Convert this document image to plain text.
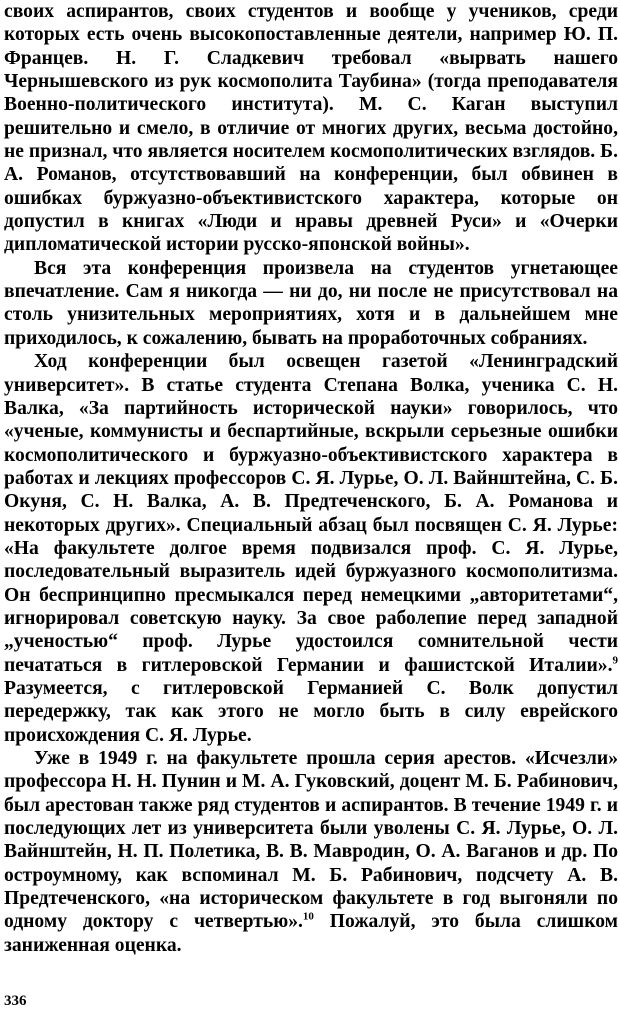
своих аспирантов, своих студентов и вообще у учеников, среди которых есть очень высокопоставленные деятели, например Ю. П. Францев. Н. Г. Сладкевич требовал «вырвать нашего Чернышевского из рук космополита Таубина» (тогда преподавателя Военно-политического института). М. С. Каган выступил решительно и смело, в отличие от многих других, весьма достойно, не признал, что является носителем космополитических взглядов. Б. А. Романов, отсутствовавший на конференции, был обвинен в ошибках буржуазно-объективистского характера, которые он допустил в книгах «Люди и нравы древней Руси» и «Очерки дипломатической истории русско-японской войны».

Вся эта конференция произвела на студентов угнетающее впечатление. Сам я никогда — ни до, ни после не присутствовал на столь унизительных мероприятиях, хотя и в дальнейшем мне приходилось, к сожалению, бывать на проработочных собраниях.

Ход конференции был освещен газетой «Ленинградский университет». В статье студента Степана Волка, ученика С. Н. Валка, «За партийность исторической науки» говорилось, что «ученые, коммунисты и беспартийные, вскрыли серьезные ошибки космополитического и буржуазно-объективистского характера в работах и лекциях профессоров С. Я. Лурье, О. Л. Вайнштейна, С. Б. Окуня, С. Н. Валка, А. В. Предтеченского, Б. А. Романова и некоторых других». Специальный абзац был посвящен С. Я. Лурье: «На факультете долгое время подвизался проф. С. Я. Лурье, последовательный выразитель идей буржуазного космополитизма. Он беспринципно пресмыкался перед немецкими „авторитетами“, игнорировал советскую науку. За свое раболепие перед западной „ученостью“ проф. Лурье удостоился сомнительной чести печататься в гитлеровской Германии и фашистской Италии».$^9$ Разумеется, с гитлеровской Германией С. Волк допустил передержку, так как этого не могло быть в силу еврейского происхождения С. Я. Лурье.

Уже в 1949 г. на факультете прошла серия арестов. «Исчезли» профессора Н. Н. Пунин и М. А. Гуковский, доцент М. Б. Рабинович, был арестован также ряд студентов и аспирантов. В течение 1949 г. и последующих лет из университета были уволены С. Я. Лурье, О. Л. Вайнштейн, Н. П. Полетика, В. В. Мавродин, О. А. Ваганов и др. По остроумному, как вспоминал М. Б. Рабинович, подсчету А. В. Предтеченского, «на историческом факультете в год выгоняли по одному доктору с четвертью».$^{10}$ Пожалуй, это была слишком заниженная оценка.

336
